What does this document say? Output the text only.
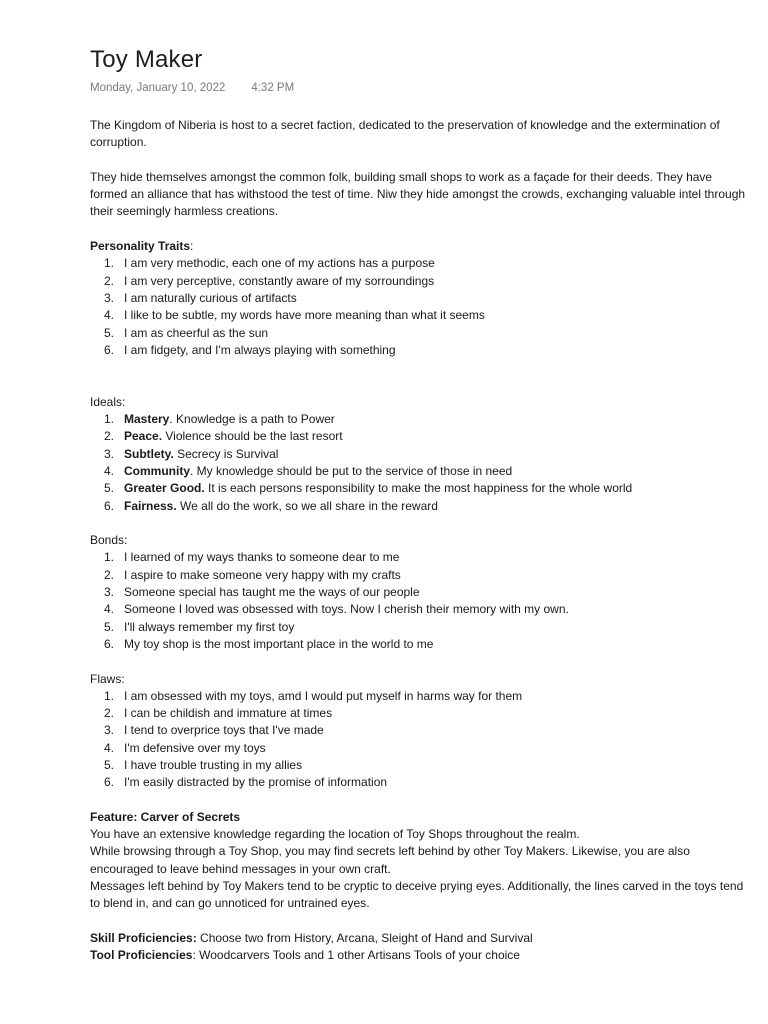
Toy Maker
Monday, January 10, 2022 4:32 PM

The Kingdom of Niberia is host to a secret faction, dedicated to the preservation of knowledge and the extermination of corruption.

They hide themselves amongst the common folk, building small shops to work as a façade for their deeds. They have formed an alliance that has withstood the test of time. Niw they hide amongst the crowds, exchanging valuable intel through their seemingly harmless creations.

Personality Traits:

1. I am very methodic, each one of my actions has a purpose
2. I am very perceptive, constantly aware of my sorroundings
3. I am naturally curious of artifacts
4. I like to be subtle, my words have more meaning than what it seems
5. I am as cheerful as the sun
6. I am fidgety, and I'm always playing with something

Ideals:

1. Mastery. Knowledge is a path to Power
2. Peace. Violence should be the last resort
3. Subtlety. Secrecy is Survival
4. Community. My knowledge should be put to the service of those in need
5. Greater Good. It is each persons responsibility to make the most happiness for the whole world
6. Fairness. We all do the work, so we all share in the reward

Bonds:

1. I learned of my ways thanks to someone dear to me
2. I aspire to make someone very happy with my crafts
3. Someone special has taught me the ways of our people
4. Someone I loved was obsessed with toys. Now I cherish their memory with my own.
5. I'll always remember my first toy
6. My toy shop is the most important place in the world to me

Flaws:

1. I am obsessed with my toys, amd I would put myself in harms way for them
2. I can be childish and immature at times
3. I tend to overprice toys that I've made
4. I'm defensive over my toys
5. I have trouble trusting in my allies
6. I'm easily distracted by the promise of information

Feature: Carver of Secrets

You have an extensive knowledge regarding the location of Toy Shops throughout the realm.

While browsing through a Toy Shop, you may find secrets left behind by other Toy Makers. Likewise, you are also encouraged to leave behind messages in your own craft.

Messages left behind by Toy Makers tend to be cryptic to deceive prying eyes. Additionally, the lines carved in the toys tend to blend in, and can go unnoticed for untrained eyes.

Skill Proficiencies: Choose two from History, Arcana, Sleight of Hand and Survival

Tool Proficiencies: Woodcarvers Tools and 1 other Artisans Tools of your choice
